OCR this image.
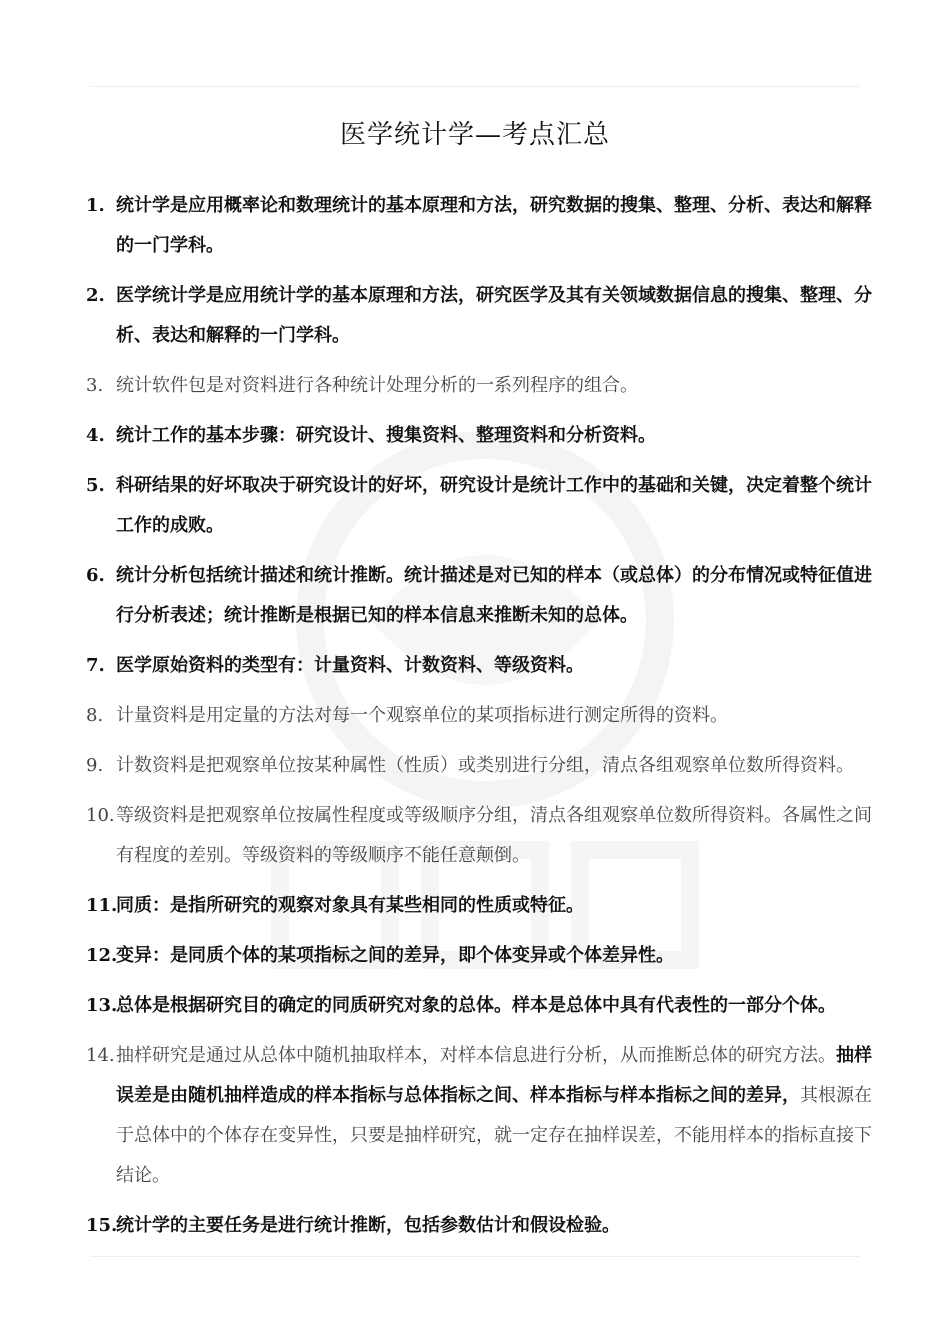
医学统计学—考点汇总
1. 统计学是应用概率论和数理统计的基本原理和方法，研究数据的搜集、整理、分析、表达和解释的一门学科。
2. 医学统计学是应用统计学的基本原理和方法，研究医学及其有关领域数据信息的搜集、整理、分析、表达和解释的一门学科。
3. 统计软件包是对资料进行各种统计处理分析的一系列程序的组合。
4. 统计工作的基本步骤：研究设计、搜集资料、整理资料和分析资料。
5. 科研结果的好坏取决于研究设计的好坏，研究设计是统计工作中的基础和关键，决定着整个统计工作的成败。
6. 统计分析包括统计描述和统计推断。统计描述是对已知的样本（或总体）的分布情况或特征值进行分析表述；统计推断是根据已知的样本信息来推断未知的总体。
7. 医学原始资料的类型有：计量资料、计数资料、等级资料。
8. 计量资料是用定量的方法对每一个观察单位的某项指标进行测定所得的资料。
9. 计数资料是把观察单位按某种属性（性质）或类别进行分组，清点各组观察单位数所得资料。
10. 等级资料是把观察单位按属性程度或等级顺序分组，清点各组观察单位数所得资料。各属性之间有程度的差别。等级资料的等级顺序不能任意颠倒。
11.
同质：是指所研究的观察对象具有某些相同的性质或特征。
12.
变异：是同质个体的某项指标之间的差异，即个体变异或个体差异性。
13.
总体是根据研究目的确定的同质研究对象的总体。样本是总体中具有代表性的一部分个体。
14. 抽样研究是通过从总体中随机抽取样本，对样本信息进行分析，从而推断总体的研究方法。抽样误差是由随机抽样造成的样本指标与总体指标之间、样本指标与样本指标之间的差异，其根源在于总体中的个体存在变异性，只要是抽样研究，就一定存在抽样误差，不能用样本的指标直接下结论。
15.
统计学的主要任务是进行统计推断，包括参数估计和假设检验。
